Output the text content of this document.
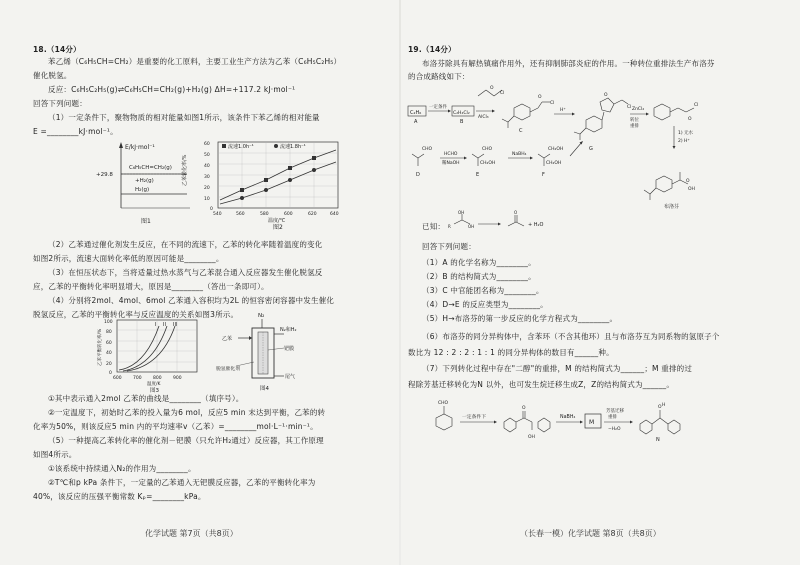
18.（14分）
苯乙烯（C₆H₅CH=CH₂）是重要的化工原料，主要工业生产方法为乙苯（C₆H₅C₂H₅）
催化脱氢。
反应：C₆H₅C₂H₅(g)⇌C₆H₅CH=CH₂(g)+H₂(g) ΔH=+117.2 kJ·mol⁻¹
回答下列问题：
（1）一定条件下，聚物物质的相对能量如图1所示，该条件下苯乙烯的相对能量
E =________kJ·mol⁻¹。
E/kJ·mol⁻¹
+29.8
C₆H₅CH=CH₂(g)
+H₂(g)
H₂(g)
图1
流速1.0h⁻¹	流速1.8h⁻¹
乙苯转化率/%
60
50
40
30
20
10
0
540	560	580	600	620	640
温度/℃
图2
（2）乙苯通过催化剂发生反应，在不同的流速下，乙苯的转化率随着温度的变化
如图2所示，流速大面转化率低的原因可能是________。
（3）在恒压状态下，当将适量过热水蒸气与乙苯混合通入反应器发生催化脱氢反
应，乙苯的平衡转化率明显增大，原因是________（答出一条即可）。
（4）分别将2mol、4mol、6mol 乙苯通入容积均为2L 的恒容密闭容器中发生催化
脱氢反应，乙苯的平衡转化率与反应温度的关系如图3所示。
I II III
乙苯平衡转化率/%
100
80
60
40
20
0
600	700	800	900
温度/K
图3
N₂
乙苯
N₂和H₂
钯膜
脱氢催化剂
尾气
图4
①其中表示通入2mol 乙苯的曲线是________（填序号）。
②一定温度下，初始时乙苯的投入量为6 mol，反应5 min 末达到平衡，乙苯的转
化率为50%，则该反应5 min 内的平均速率v（乙苯）=________mol·L⁻¹·min⁻¹。
（5）一种提高乙苯转化率的催化剂－钯膜（只允许H₂通过）反应器，其工作原理
如图4所示。
①该系统中持续通入N₂的作用为________。
②T℃和p kPa 条件下，一定量的乙苯通入无钯膜反应器，乙苯的平衡转化率为
40%，该反应的压强平衡常数 Kₚ=________kPa。
化学试题 第7页（共8页）
19.（14分）
布洛芬除具有解热镇痛作用外，还有抑制肺部炎症的作用。一种转位重排法生产布洛芬
的合成路线如下：
C₂H₆
A
一定条件
C₂H₄Cl₂
B
AlCl₃
O
Cl
C
O
Cl
H⁺
O
Cl
G
ZnCl₂
转位
重排
O
Cl
1) 无水
2) H⁺
CHO
D
HCHO
稀NaOH
CHO
CH₂OH
E
NaBH₄
CH₂OH
CH₂OH
F
O
OH
布洛芬
已知：
OH
R	OH
O
+ H₂O
回答下列问题：
（1）A 的化学名称为________。
（2）B 的结构简式为________。
（3）C 中官能团名称为________。
（4）D→E 的反应类型为________。
（5）H→布洛芬的第一步反应的化学方程式为________。
（6）布洛芬的同分异构体中，含苯环（不含其他环）且与布洛芬互为同系物的氢原子个
数比为 12 : 2 : 2 : 1 : 1 的同分异构体的数目有______种。
（7）下列转化过程中存在"二醇"的重排，M 的结构简式为______；M 重排的过
程除芳基迁移转化为N 以外，也可发生烷迁移生成Z，Z的结构简式为______。
CHO
一定条件下
O
OH
NaBH₄
M
芳基迁移
重排
−H₂O
O H
N
（长春一模）化学试题 第8页（共8页）
